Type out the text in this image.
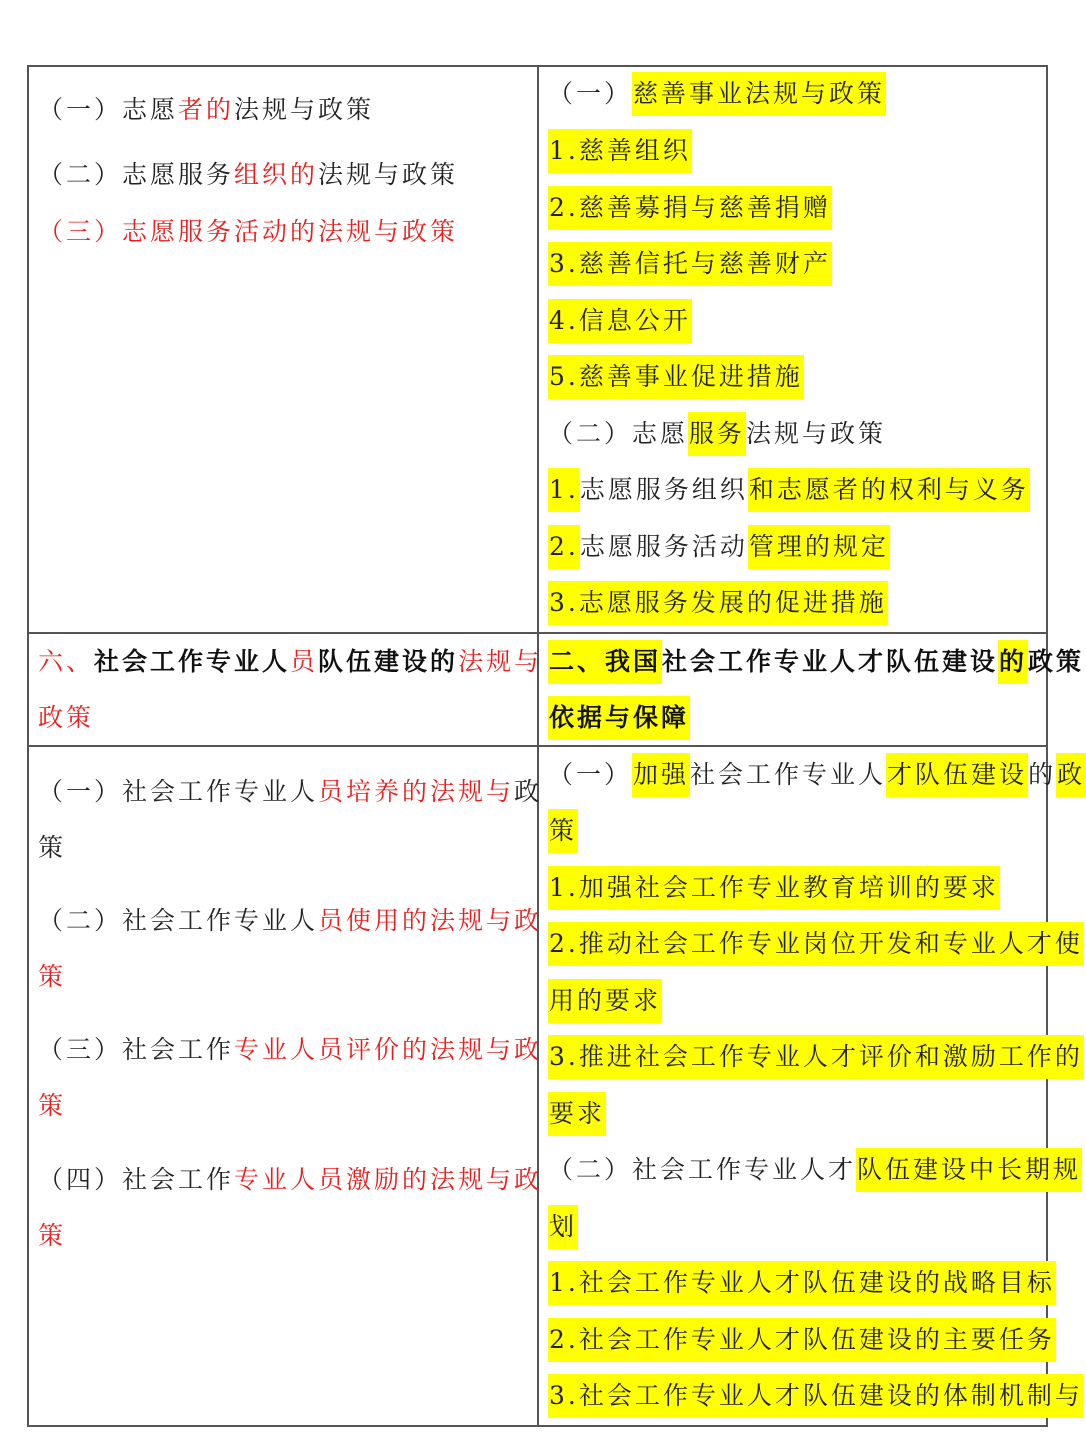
（一）志愿者的法规与政策
（二）志愿服务组织的法规与政策
（三）志愿服务活动的法规与政策
（一）慈善事业法规与政策
1.慈善组织
2.慈善募捐与慈善捐赠
3.慈善信托与慈善财产
4.信息公开
5.慈善事业促进措施
（二）志愿服务法规与政策
1.志愿服务组织和志愿者的权利与义务
2.志愿服务活动管理的规定
3.志愿服务发展的促进措施
六、社会工作专业人员队伍建设的法规与
政策
二、我国社会工作专业人才队伍建设的政策
依据与保障
（一）社会工作专业人员培养的法规与政
策
（二）社会工作专业人员使用的法规与政
策
（三）社会工作专业人员评价的法规与政
策
（四）社会工作专业人员激励的法规与政
策
（一）加强社会工作专业人才队伍建设的政
策
1.加强社会工作专业教育培训的要求
2.推动社会工作专业岗位开发和专业人才使
用的要求
3.推进社会工作专业人才评价和激励工作的
要求
（二）社会工作专业人才队伍建设中长期规
划
1.社会工作专业人才队伍建设的战略目标
2.社会工作专业人才队伍建设的主要任务
3.社会工作专业人才队伍建设的体制机制与
